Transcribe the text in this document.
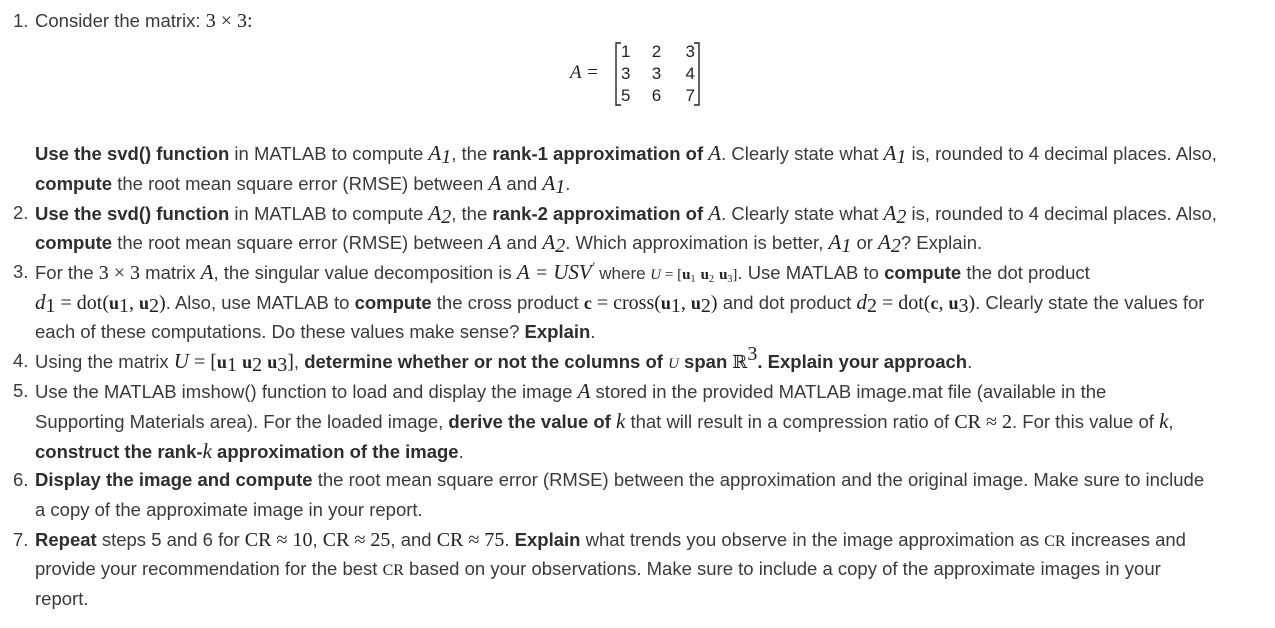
1. Consider the matrix: 3 × 3:
A =
1	2	3
3	3	4
5	6	7
Use the svd() function in MATLAB to compute $A_1$, the rank-1 approximation of A. Clearly state what $A_1$ is, rounded to 4 decimal places. Also,
compute the root mean square error (RMSE) between A and $A_1$.
2. Use the svd() function in MATLAB to compute $A_2$, the rank-2 approximation of A. Clearly state what $A_2$ is, rounded to 4 decimal places. Also,
compute the root mean square error (RMSE) between A and $A_2$. Which approximation is better, $A_1$ or $A_2$? Explain.
3. For the 3 × 3 matrix A, the singular value decomposition is A = USV′ where $U = [u_1$ $u_2$ $u_3$]. Use MATLAB to compute the dot product
$d_1 = dot(u_1$, $u_2$). Also, use MATLAB to compute the cross product $c = cross(u_1$, $u_2$) and dot product $d_2 = dot(c$, $u_3$). Clearly state the values for
each of these computations. Do these values make sense? Explain.
4. Using the matrix $U = [u_1$ $u_2$ $u_3$], determine whether or not the columns of U span ℝ$^3$. Explain your approach.
5. Use the MATLAB imshow() function to load and display the image A stored in the provided MATLAB image.mat file (available in the
Supporting Materials area). For the loaded image, derive the value of k that will result in a compression ratio of CR ≈ 2. For this value of k,
construct the rank-k approximation of the image.
6. Display the image and compute the root mean square error (RMSE) between the approximation and the original image. Make sure to include
a copy of the approximate image in your report.
7. Repeat steps 5 and 6 for CR ≈ 10, CR ≈ 25, and CR ≈ 75. Explain what trends you observe in the image approximation as CR increases and
provide your recommendation for the best CR based on your observations. Make sure to include a copy of the approximate images in your
report.
